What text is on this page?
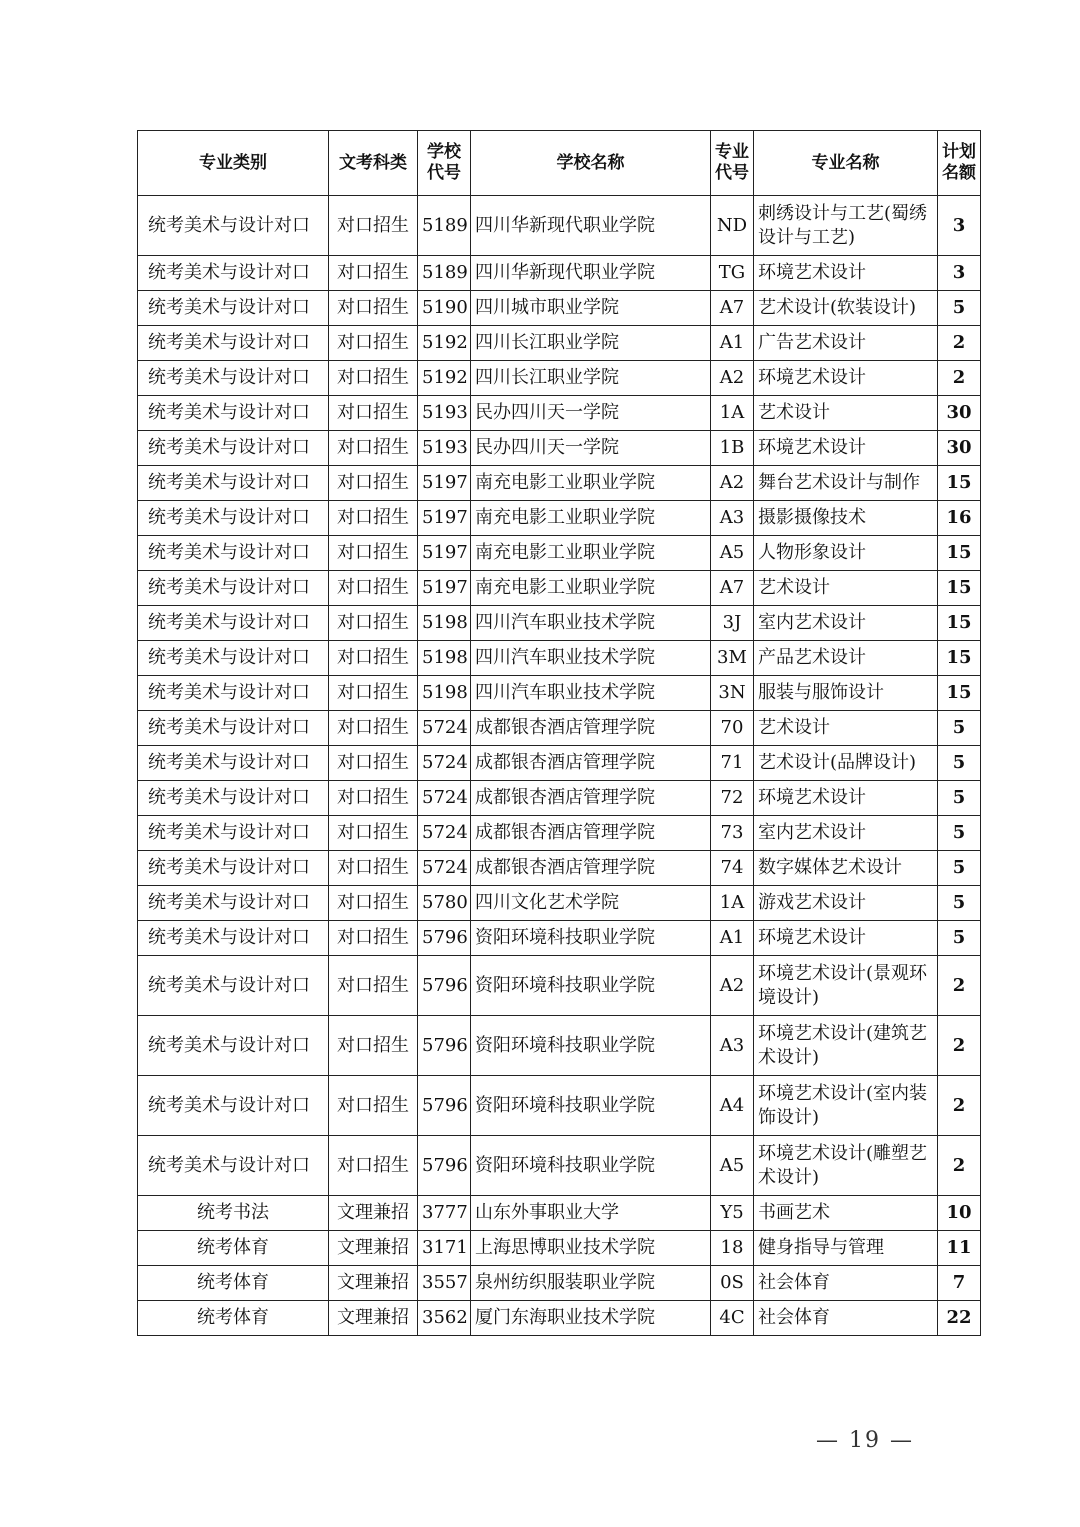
专业类别	文考科类	学校代号	学校名称	专业代号	专业名称	计划名额
统考美术与设计对口	对口招生	5189	四川华新现代职业学院	ND	刺绣设计与工艺(蜀绣设计与工艺)	3
统考美术与设计对口	对口招生	5189	四川华新现代职业学院	TG	环境艺术设计	3
统考美术与设计对口	对口招生	5190	四川城市职业学院	A7	艺术设计(软装设计)	5
统考美术与设计对口	对口招生	5192	四川长江职业学院	A1	广告艺术设计	2
统考美术与设计对口	对口招生	5192	四川长江职业学院	A2	环境艺术设计	2
统考美术与设计对口	对口招生	5193	民办四川天一学院	1A	艺术设计	30
统考美术与设计对口	对口招生	5193	民办四川天一学院	1B	环境艺术设计	30
统考美术与设计对口	对口招生	5197	南充电影工业职业学院	A2	舞台艺术设计与制作	15
统考美术与设计对口	对口招生	5197	南充电影工业职业学院	A3	摄影摄像技术	16
统考美术与设计对口	对口招生	5197	南充电影工业职业学院	A5	人物形象设计	15
统考美术与设计对口	对口招生	5197	南充电影工业职业学院	A7	艺术设计	15
统考美术与设计对口	对口招生	5198	四川汽车职业技术学院	3J	室内艺术设计	15
统考美术与设计对口	对口招生	5198	四川汽车职业技术学院	3M	产品艺术设计	15
统考美术与设计对口	对口招生	5198	四川汽车职业技术学院	3N	服装与服饰设计	15
统考美术与设计对口	对口招生	5724	成都银杏酒店管理学院	70	艺术设计	5
统考美术与设计对口	对口招生	5724	成都银杏酒店管理学院	71	艺术设计(品牌设计)	5
统考美术与设计对口	对口招生	5724	成都银杏酒店管理学院	72	环境艺术设计	5
统考美术与设计对口	对口招生	5724	成都银杏酒店管理学院	73	室内艺术设计	5
统考美术与设计对口	对口招生	5724	成都银杏酒店管理学院	74	数字媒体艺术设计	5
统考美术与设计对口	对口招生	5780	四川文化艺术学院	1A	游戏艺术设计	5
统考美术与设计对口	对口招生	5796	资阳环境科技职业学院	A1	环境艺术设计	5
统考美术与设计对口	对口招生	5796	资阳环境科技职业学院	A2	环境艺术设计(景观环境设计)	2
统考美术与设计对口	对口招生	5796	资阳环境科技职业学院	A3	环境艺术设计(建筑艺术设计)	2
统考美术与设计对口	对口招生	5796	资阳环境科技职业学院	A4	环境艺术设计(室内装饰设计)	2
统考美术与设计对口	对口招生	5796	资阳环境科技职业学院	A5	环境艺术设计(雕塑艺术设计)	2
统考书法	文理兼招	3777	山东外事职业大学	Y5	书画艺术	10
统考体育	文理兼招	3171	上海思博职业技术学院	18	健身指导与管理	11
统考体育	文理兼招	3557	泉州纺织服装职业学院	0S	社会体育	7
统考体育	文理兼招	3562	厦门东海职业技术学院	4C	社会体育	22
— 19 —
